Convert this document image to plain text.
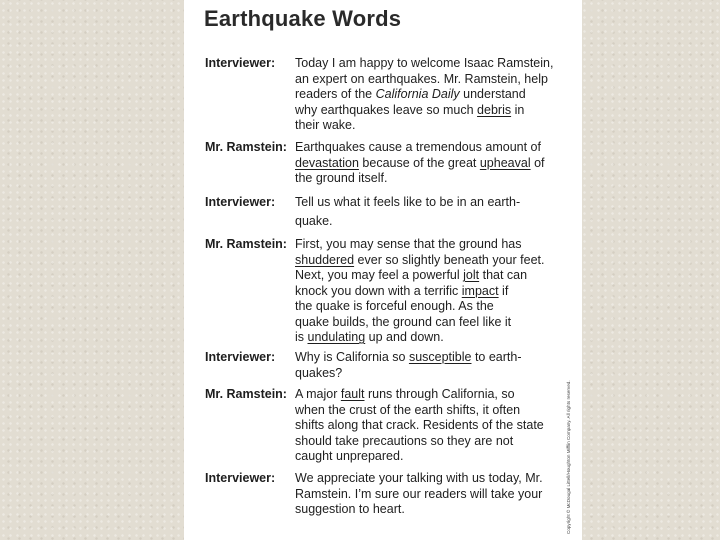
Earthquake Words
Interviewer: Today I am happy to welcome Isaac Ramstein,
an expert on earthquakes. Mr. Ramstein, help
readers of the California Daily understand
why earthquakes leave so much debris in
their wake.
Mr. Ramstein: Earthquakes cause a tremendous amount of
devastation because of the great upheaval of
the ground itself.
Interviewer: Tell us what it feels like to be in an earth-
quake.
Mr. Ramstein: First, you may sense that the ground has
shuddered ever so slightly beneath your feet.
Next, you may feel a powerful jolt that can
knock you down with a terrific impact if
the quake is forceful enough. As the
quake builds, the ground can feel like it
is undulating up and down.
Interviewer: Why is California so susceptible to earth-
quakes?
Mr. Ramstein: A major fault runs through California, so
when the crust of the earth shifts, it often
shifts along that crack. Residents of the state
should take precautions so they are not
caught unprepared.
Interviewer: We appreciate your talking with us today, Mr.
Ramstein. I’m sure our readers will take your
suggestion to heart.	Copyright © McDougal Littell/Houghton Mifflin Company. All rights reserved.
